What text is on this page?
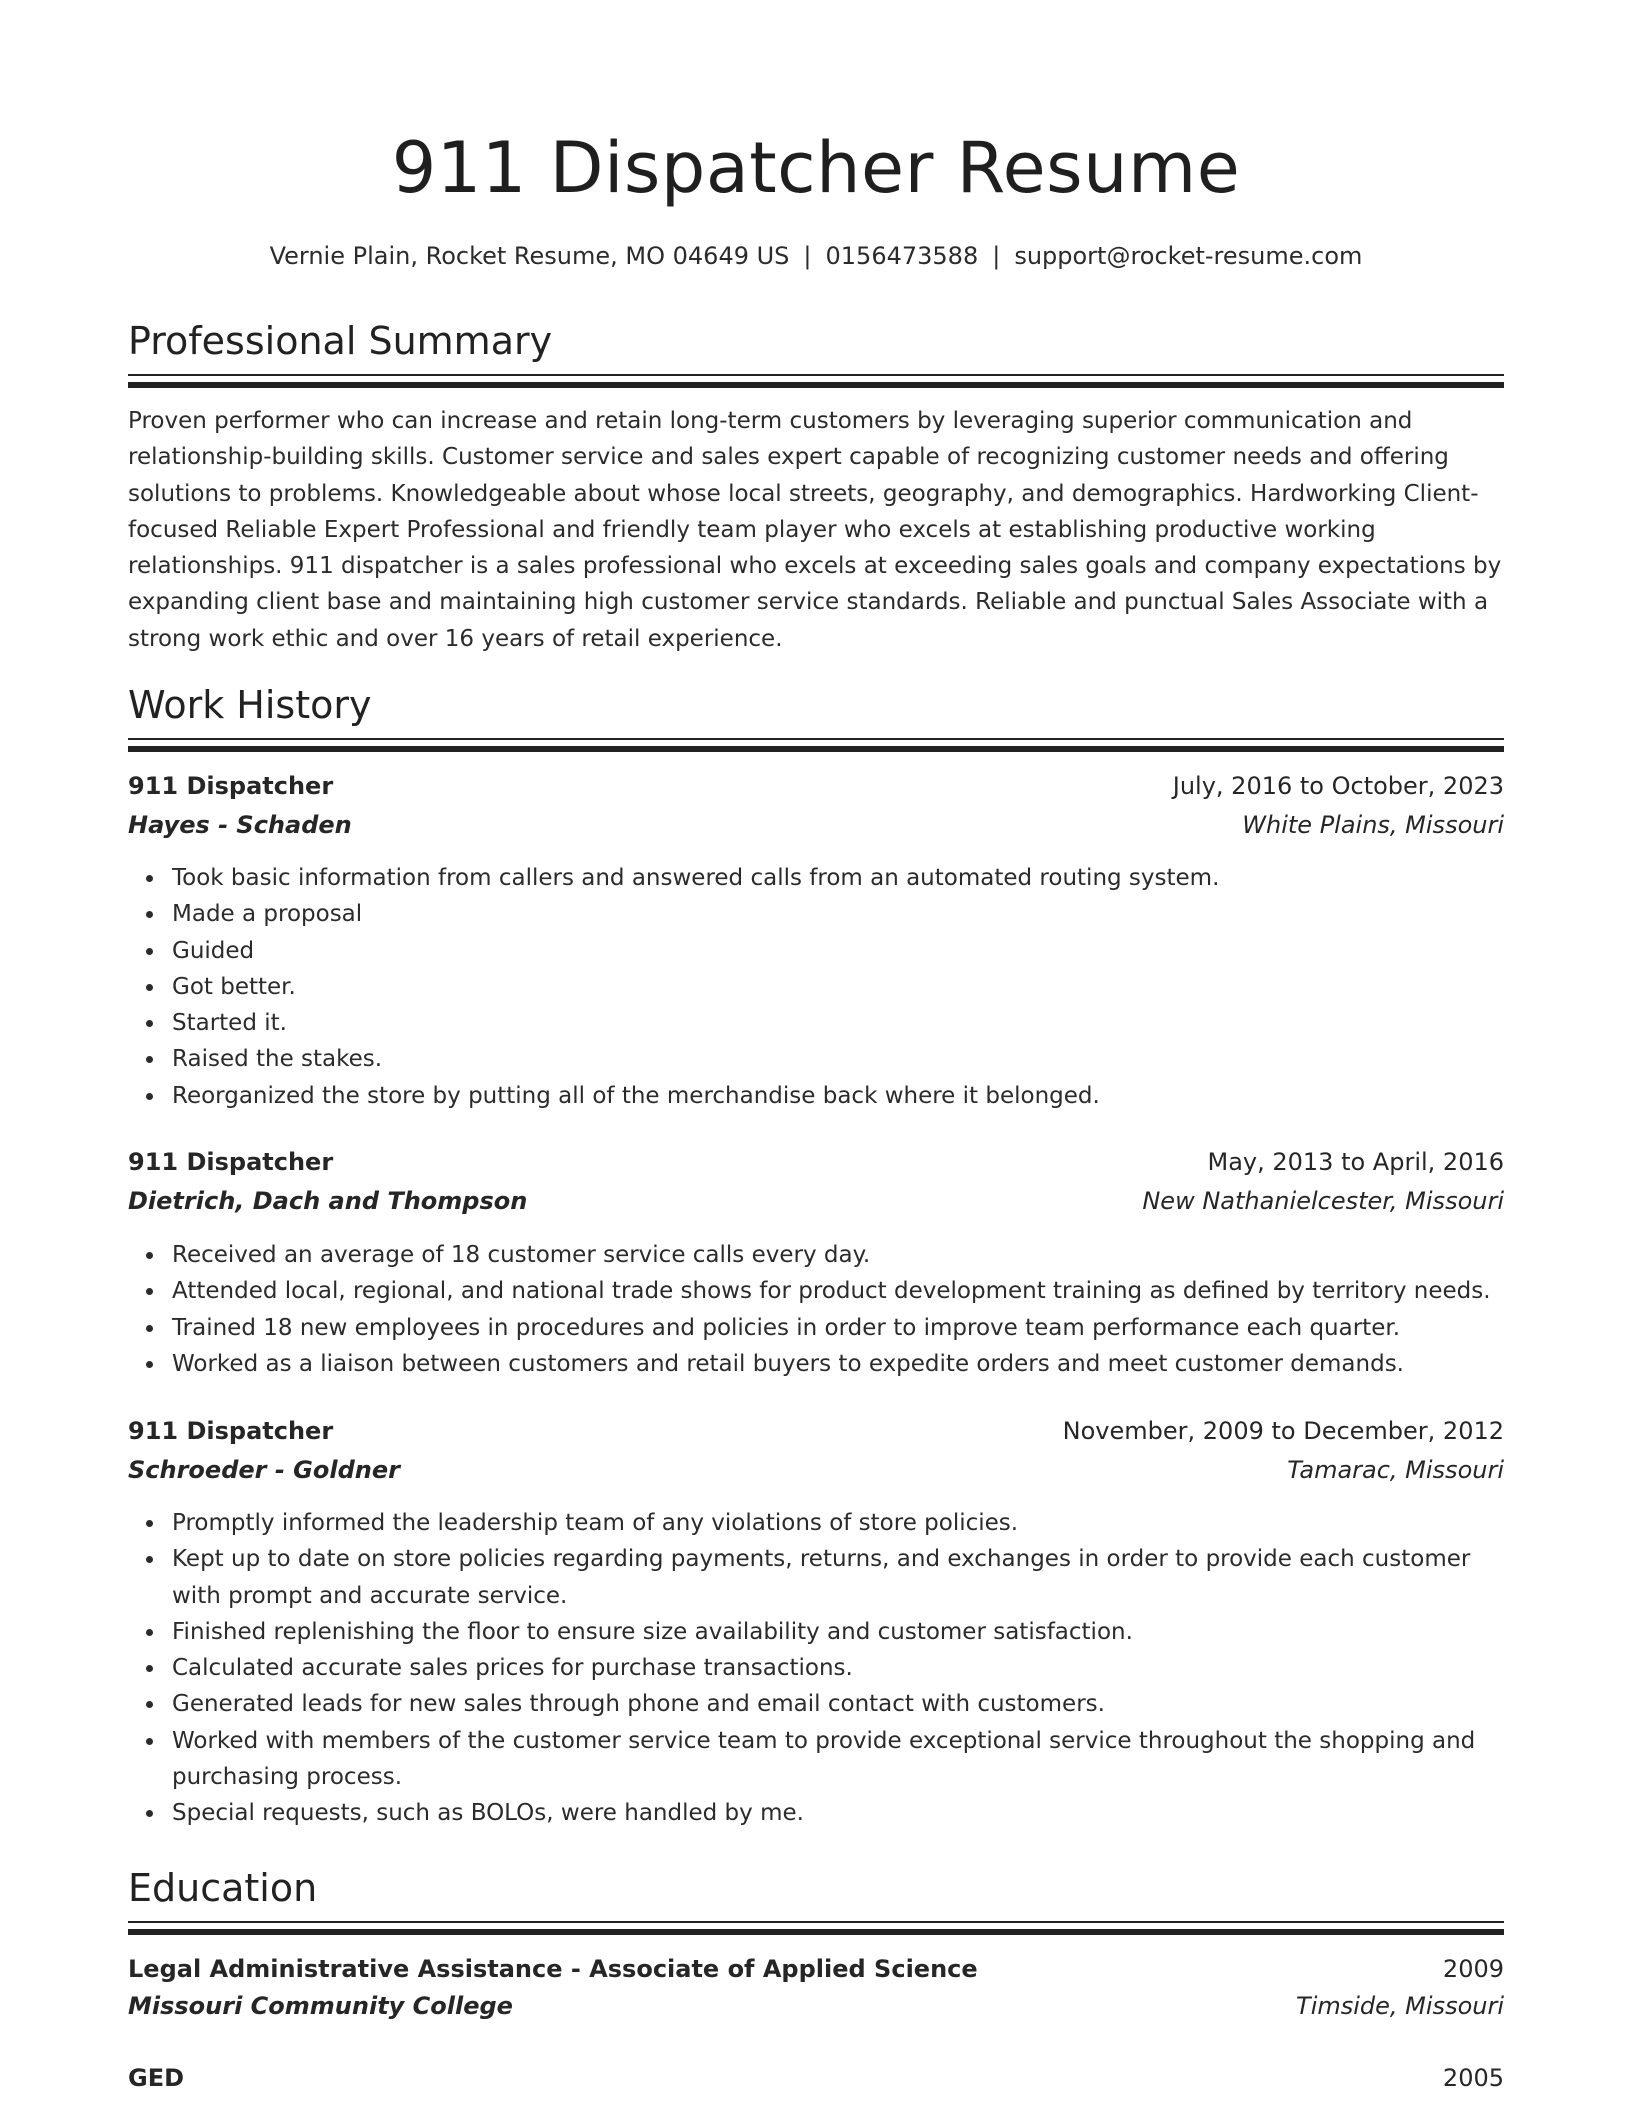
911 Dispatcher Resume
Vernie Plain, Rocket Resume, MO 04649 US | 0156473588 | support@rocket-resume.com
Professional Summary

Proven performer who can increase and retain long-term customers by leveraging superior communication and relationship-building skills. Customer service and sales expert capable of recognizing customer needs and offering solutions to problems. Knowledgeable about whose local streets, geography, and demographics. Hardworking Client-focused Reliable Expert Professional and friendly team player who excels at establishing productive working relationships. 911 dispatcher is a sales professional who excels at exceeding sales goals and company expectations by expanding client base and maintaining high customer service standards. Reliable and punctual Sales Associate with a strong work ethic and over 16 years of retail experience.

Work History
911 Dispatcher	July, 2016 to October, 2023
Hayes - Schaden	White Plains, Missouri
Took basic information from callers and answered calls from an automated routing system.
Made a proposal
Guided
Got better.
Started it.
Raised the stakes.
Reorganized the store by putting all of the merchandise back where it belonged.
911 Dispatcher	May, 2013 to April, 2016
Dietrich, Dach and Thompson	New Nathanielcester, Missouri
Received an average of 18 customer service calls every day.
Attended local, regional, and national trade shows for product development training as defined by territory needs.
Trained 18 new employees in procedures and policies in order to improve team performance each quarter.
Worked as a liaison between customers and retail buyers to expedite orders and meet customer demands.
911 Dispatcher	November, 2009 to December, 2012
Schroeder - Goldner	Tamarac, Missouri
Promptly informed the leadership team of any violations of store policies.
Kept up to date on store policies regarding payments, returns, and exchanges in order to provide each customer with prompt and accurate service.
Finished replenishing the floor to ensure size availability and customer satisfaction.
Calculated accurate sales prices for purchase transactions.
Generated leads for new sales through phone and email contact with customers.
Worked with members of the customer service team to provide exceptional service throughout the shopping and purchasing process.
Special requests, such as BOLOs, were handled by me.
Education
Legal Administrative Assistance - Associate of Applied Science	2009
Missouri Community College	Timside, Missouri
GED	2005
